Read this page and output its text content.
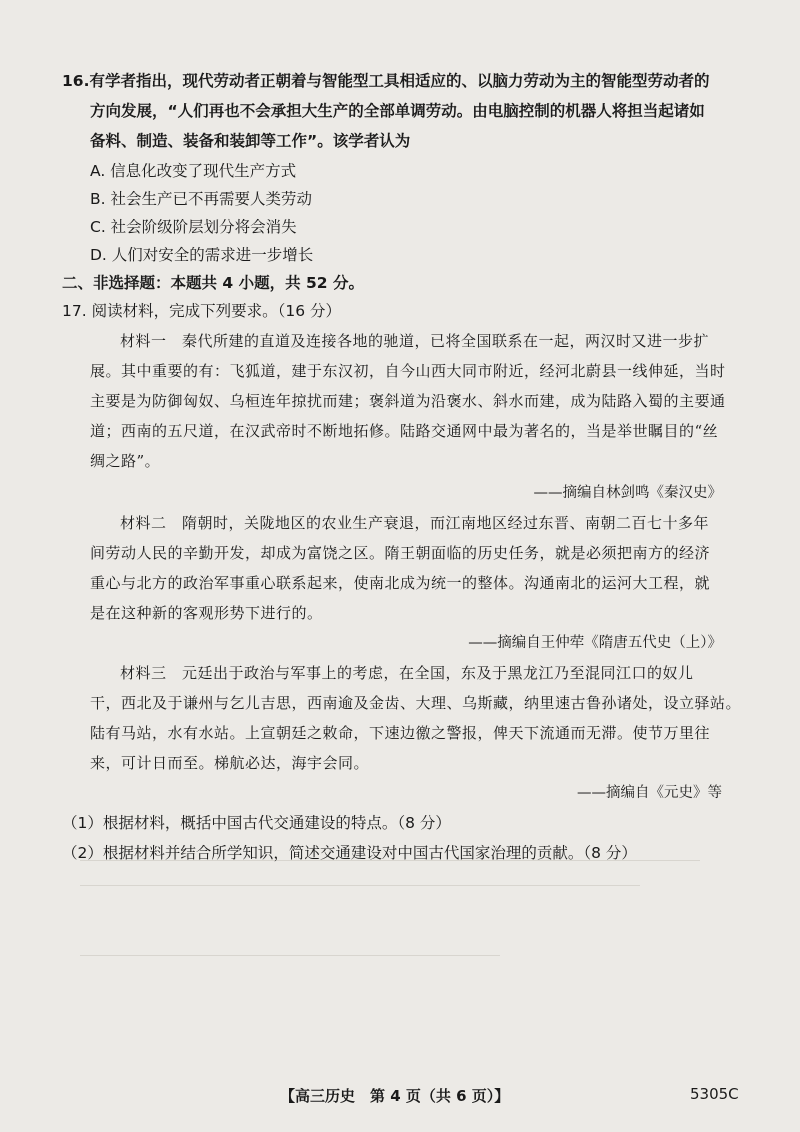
16.有学者指出，现代劳动者正朝着与智能型工具相适应的、以脑力劳动为主的智能型劳动者的
方向发展，“人们再也不会承担大生产的全部单调劳动。由电脑控制的机器人将担当起诸如
备料、制造、装备和装卸等工作”。该学者认为
A. 信息化改变了现代生产方式
B. 社会生产已不再需要人类劳动
C. 社会阶级阶层划分将会消失
D. 人们对安全的需求进一步增长
二、非选择题：本题共 4 小题，共 52 分。
17. 阅读材料，完成下列要求。（16 分）
材料一　秦代所建的直道及连接各地的驰道，已将全国联系在一起，两汉时又进一步扩
展。其中重要的有：飞狐道，建于东汉初，自今山西大同市附近，经河北蔚县一线伸延，当时
主要是为防御匈奴、乌桓连年掠扰而建；褒斜道为沿褒水、斜水而建，成为陆路入蜀的主要通
道；西南的五尺道，在汉武帝时不断地拓修。陆路交通网中最为著名的，当是举世瞩目的“丝
绸之路”。
——摘编自林剑鸣《秦汉史》
材料二　隋朝时，关陇地区的农业生产衰退，而江南地区经过东晋、南朝二百七十多年
间劳动人民的辛勤开发，却成为富饶之区。隋王朝面临的历史任务，就是必须把南方的经济
重心与北方的政治军事重心联系起来，使南北成为统一的整体。沟通南北的运河大工程，就
是在这种新的客观形势下进行的。
——摘编自王仲荦《隋唐五代史（上）》
材料三　元廷出于政治与军事上的考虑，在全国，东及于黑龙江乃至混同江口的奴儿
干，西北及于谦州与乞儿吉思，西南逾及金齿、大理、乌斯藏，纳里速古鲁孙诸处，设立驿站。
陆有马站，水有水站。上宣朝廷之敕命，下速边徼之警报，俾天下流通而无滞。使节万里往
来，可计日而至。梯航必达，海宇会同。
——摘编自《元史》等
（1）根据材料，概括中国古代交通建设的特点。（8 分）
（2）根据材料并结合所学知识，简述交通建设对中国古代国家治理的贡献。（8 分）
【高三历史　第 4 页（共 6 页）】	5305C
